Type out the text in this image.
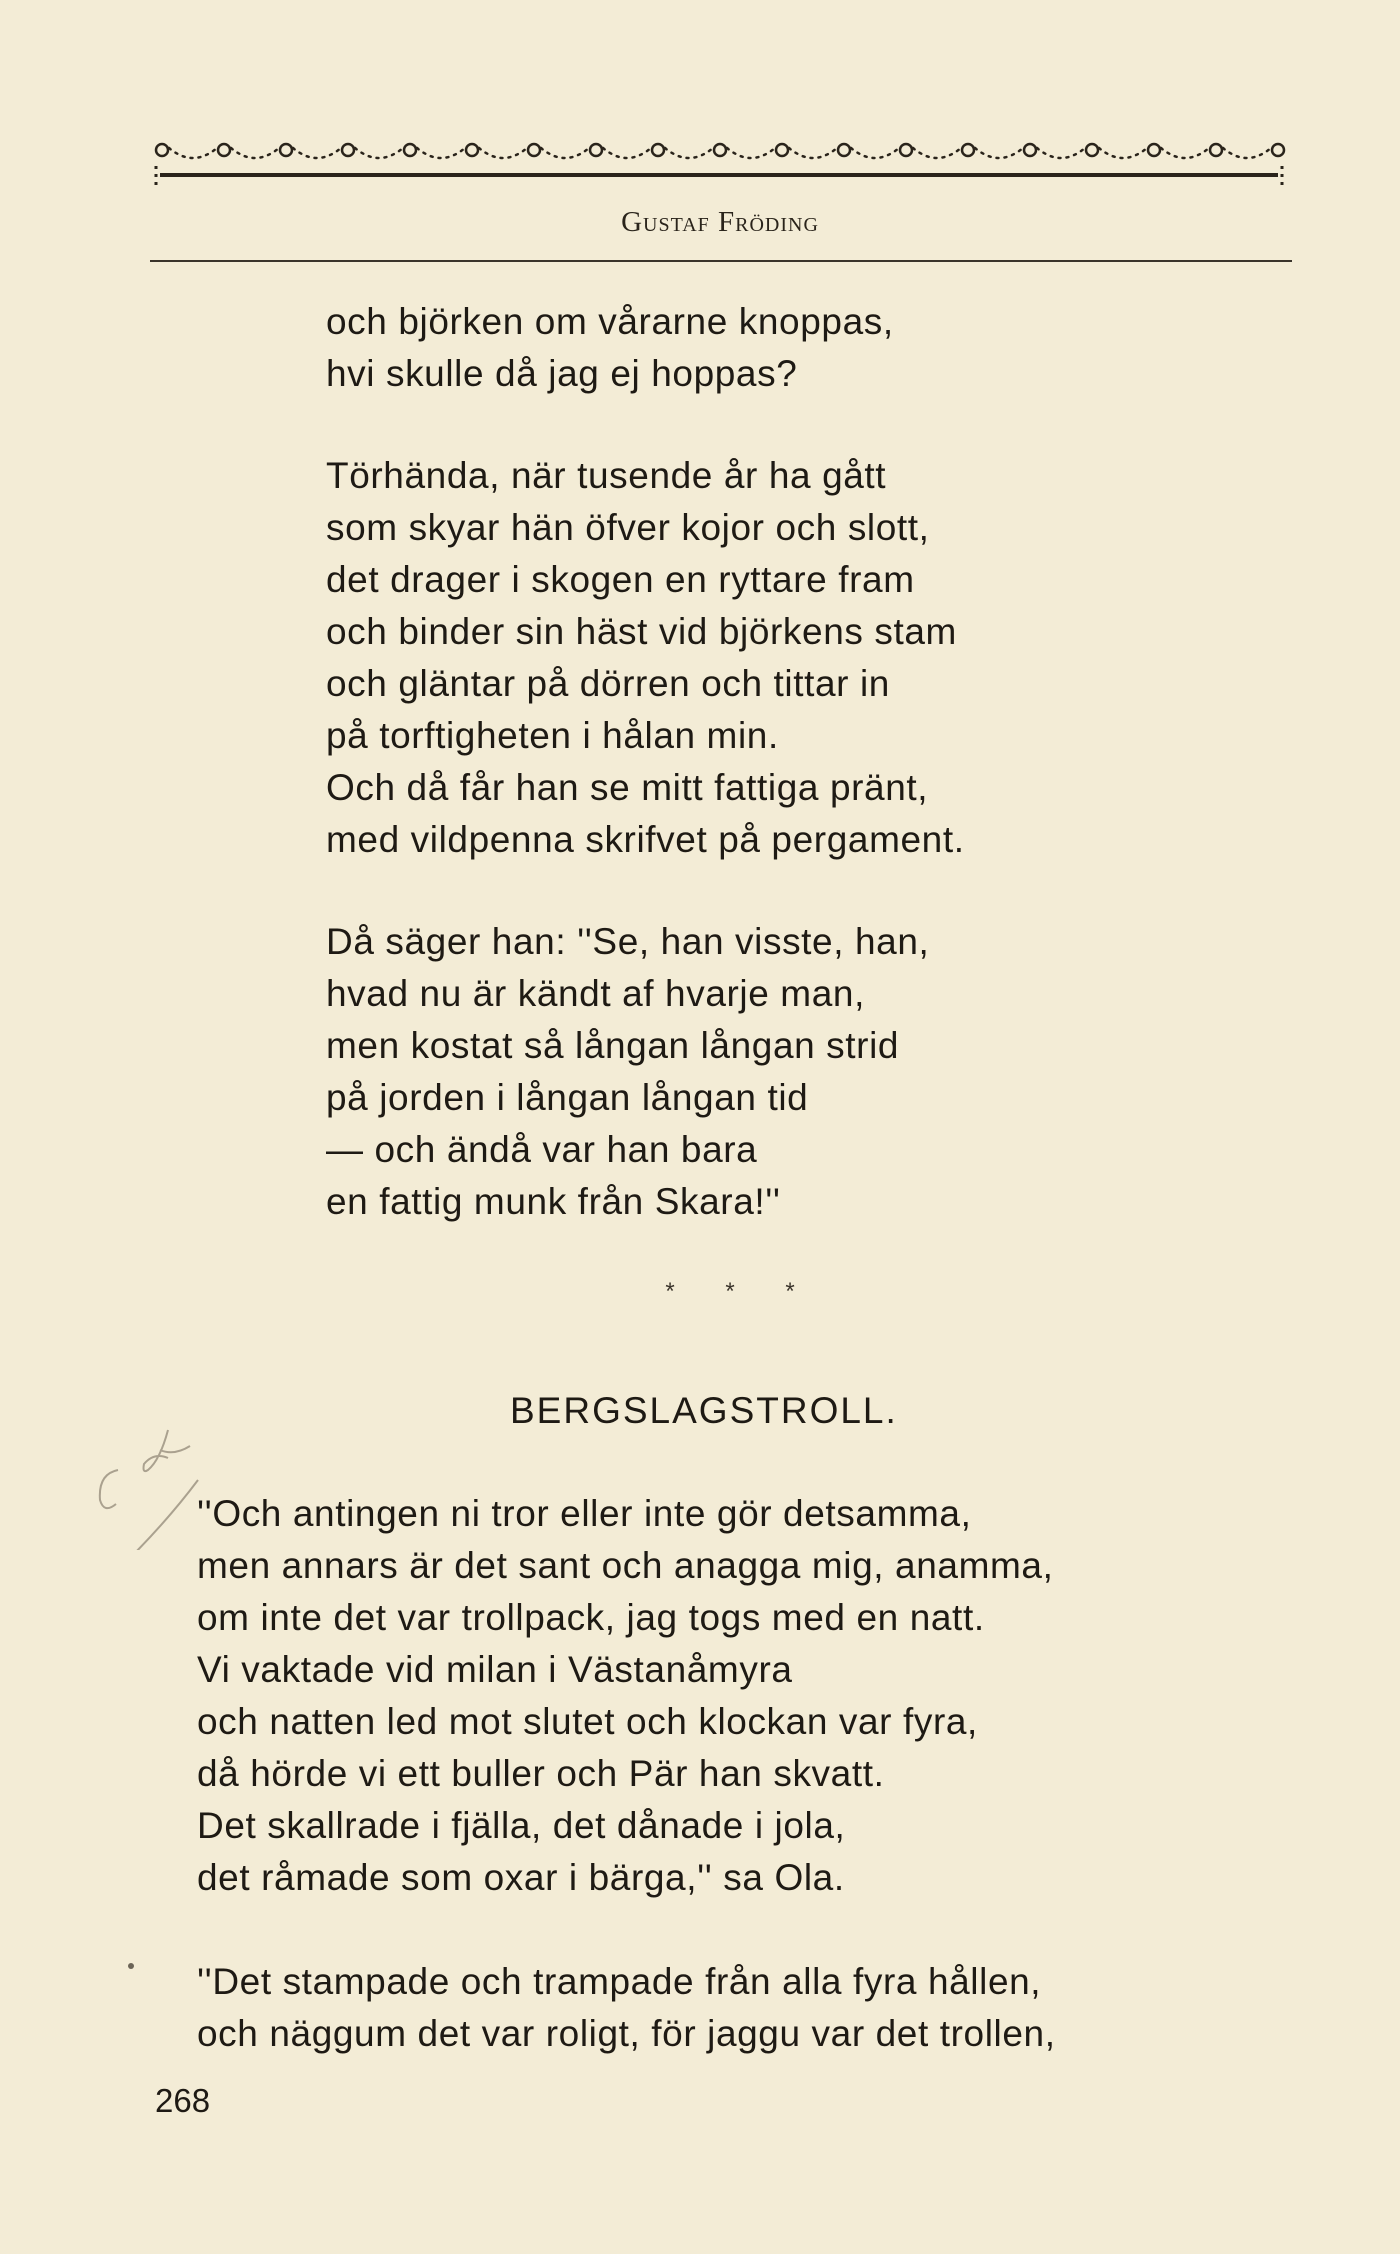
Gustaf Fröding
och björken om vårarne knoppas,
hvi skulle då jag ej hoppas?
Törhända, när tusende år ha gått
som skyar hän öfver kojor och slott,
det drager i skogen en ryttare fram
och binder sin häst vid björkens stam
och gläntar på dörren och tittar in
på torftigheten i hålan min.
Och då får han se mitt fattiga pränt,
med vildpenna skrifvet på pergament.
Då säger han: ''Se, han visste, han,
hvad nu är kändt af hvarje man,
men kostat så långan långan strid
på jorden i långan långan tid
— och ändå var han bara
en fattig munk från Skara!''
* * *
BERGSLAGSTROLL.
''Och antingen ni tror eller inte gör detsamma,
men annars är det sant och anagga mig, anamma,
om inte det var trollpack, jag togs med en natt.
Vi vaktade vid milan i Västanåmyra
och natten led mot slutet och klockan var fyra,
då hörde vi ett buller och Pär han skvatt.
Det skallrade i fjälla, det dånade i jola,
det råmade som oxar i bärga,'' sa Ola.
''Det stampade och trampade från alla fyra hållen,
och näggum det var roligt, för jaggu var det trollen,
268
